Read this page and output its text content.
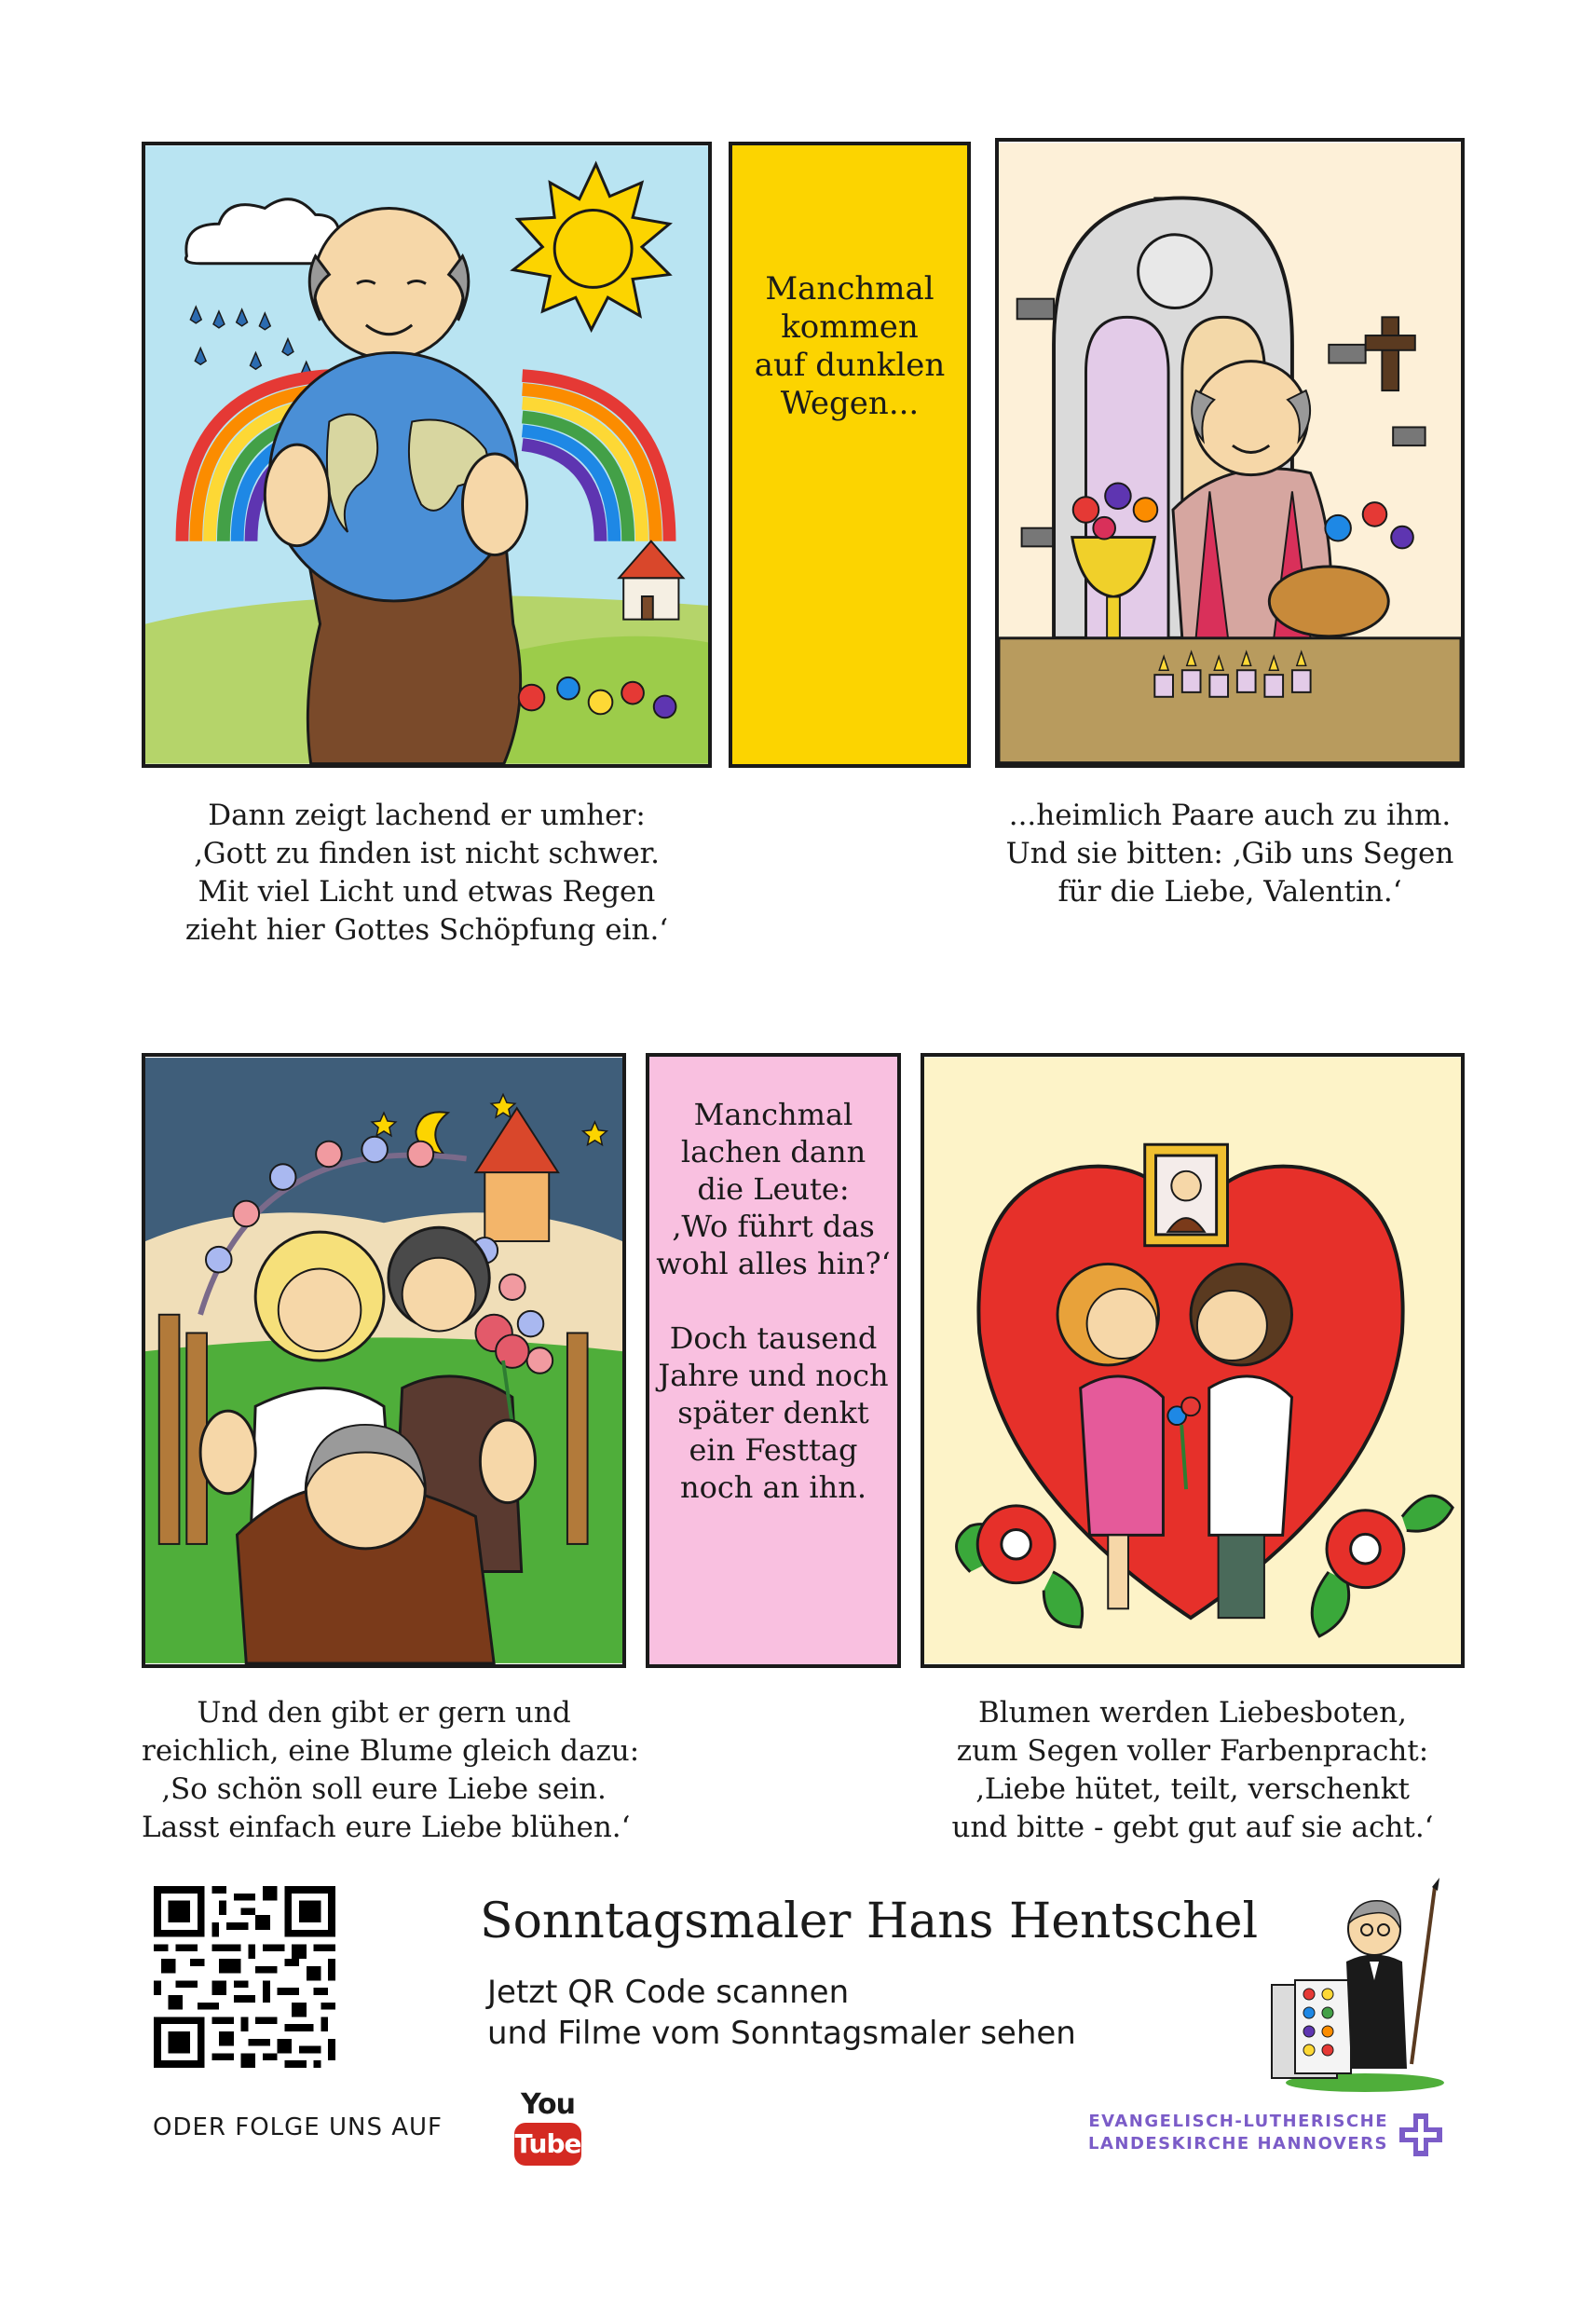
Manchmal
kommen
auf dunklen
Wegen...
Dann zeigt lachend er umher:
‚Gott zu finden ist nicht schwer.
Mit viel Licht und etwas Regen
zieht hier Gottes Schöpfung ein.‘
...heimlich Paare auch zu ihm.
Und sie bitten: ‚Gib uns Segen
für die Liebe, Valentin.‘
Manchmal
lachen dann
die Leute:
‚Wo führt das
wohl alles hin?‘
Doch tausend
Jahre und noch
später denkt
ein Festtag
noch an ihn.
Und den gibt er gern und
reichlich, eine Blume gleich dazu:
‚So schön soll eure Liebe sein.
Lasst einfach eure Liebe blühen.‘
Blumen werden Liebesboten,
zum Segen voller Farbenpracht:
‚Liebe hütet, teilt, verschenkt
und bitte - gebt gut auf sie acht.‘
ODER FOLGE UNS AUF
You
Tube
Sonntagsmaler Hans Hentschel
Jetzt QR Code scannen
und Filme vom Sonntagsmaler sehen
EVANGELISCH-LUTHERISCHE
LANDESKIRCHE HANNOVERS
